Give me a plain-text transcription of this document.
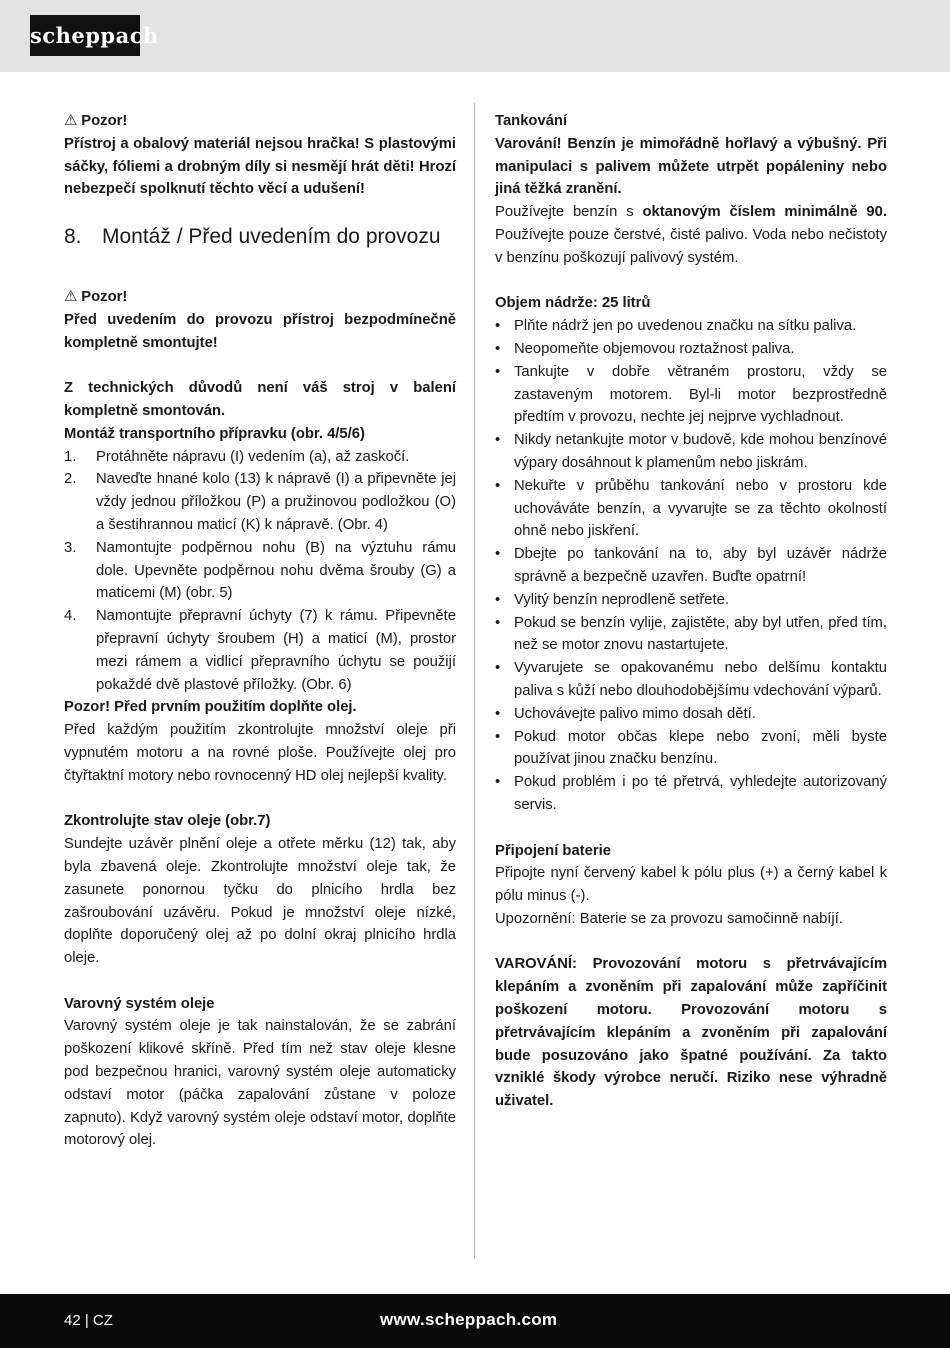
scheppach

⚠ Pozor!

Přístroj a obalový materiál nejsou hračka! S plastovými sáčky, fóliemi a drobným díly si nesmějí hrát děti! Hrozí nebezpečí spolknutí těchto věcí a udušení!

8. Montáž / Před uvedením do provozu

⚠ Pozor!

Před uvedením do provozu přístroj bezpodmínečně kompletně smontujte!

Z technických důvodů není váš stroj v balení kompletně smontován.

Montáž transportního přípravku (obr. 4/5/6)

1. Protáhněte nápravu (I) vedením (a), až zaskočí.
2. Naveďte hnané kolo (13) k nápravě (I) a připevněte jej vždy jednou příložkou (P) a pružinovou podložkou (O) a šestihrannou maticí (K) k nápravě. (Obr. 4)
3. Namontujte podpěrnou nohu (B) na výztuhu rámu dole. Upevněte podpěrnou nohu dvěma šrouby (G) a maticemi (M) (obr. 5)
4. Namontujte přepravní úchyty (7) k rámu. Připevněte přepravní úchyty šroubem (H) a maticí (M), prostor mezi rámem a vidlicí přepravního úchytu se použijí pokaždé dvě plastové příložky. (Obr. 6)

Pozor! Před prvním použitím doplňte olej.

Před každým použitím zkontrolujte množství oleje při vypnutém motoru a na rovné ploše. Používejte olej pro čtyřtaktní motory nebo rovnocenný HD olej nejlepší kvality.

Zkontrolujte stav oleje (obr.7)

Sundejte uzávěr plnění oleje a otřete měrku (12) tak, aby byla zbavená oleje. Zkontrolujte množství oleje tak, že zasunete ponornou tyčku do plnicího hrdla bez zašroubování uzávěru. Pokud je množství oleje nízké, doplňte doporučený olej až po dolní okraj plnicího hrdla oleje.

Varovný systém oleje

Varovný systém oleje je tak nainstalován, že se zabrání poškození klikové skříně. Před tím než stav oleje klesne pod bezpečnou hranici, varovný systém oleje automaticky odstaví motor (páčka zapalování zůstane v poloze zapnuto). Když varovný systém oleje odstaví motor, doplňte motorový olej.

Tankování

Varování! Benzín je mimořádně hořlavý a výbušný. Při manipulaci s palivem můžete utrpět popáleniny nebo jiná těžká zranění.

Používejte benzín s oktanovým číslem minimálně 90. Používejte pouze čerstvé, čisté palivo. Voda nebo nečistoty v benzínu poškozují palivový systém.

Objem nádrže: 25 litrů

• Plňte nádrž jen po uvedenou značku na sítku paliva.
• Neopomeňte objemovou roztažnost paliva.
• Tankujte v dobře větraném prostoru, vždy se zastaveným motorem. Byl-li motor bezprostředně předtím v provozu, nechte jej nejprve vychladnout.
• Nikdy netankujte motor v budově, kde mohou benzínové výpary dosáhnout k plamenům nebo jiskrám.
• Nekuřte v průběhu tankování nebo v prostoru kde uchováváte benzín, a vyvarujte se za těchto okolností ohně nebo jiskření.
• Dbejte po tankování na to, aby byl uzávěr nádrže správně a bezpečně uzavřen. Buďte opatrní!
• Vylitý benzín neprodleně setřete.
• Pokud se benzín vylije, zajistěte, aby byl utřen, před tím, než se motor znovu nastartujete.
• Vyvarujete se opakovanému nebo delšímu kontaktu paliva s kůží nebo dlouhodobějšímu vdechování výparů.
• Uchovávejte palivo mimo dosah dětí.
• Pokud motor občas klepe nebo zvoní, měli byste používat jinou značku benzínu.
• Pokud problém i po té přetrvá, vyhledejte autorizovaný servis.

Připojení baterie

Připojte nyní červený kabel k pólu plus (+) a černý kabel k pólu minus (-).

Upozornění: Baterie se za provozu samočinně nabíjí.

VAROVÁNÍ: Provozování motoru s přetrvávajícím klepáním a zvoněním při zapalování může zapříčinit poškození motoru. Provozování motoru s přetrvávajícím klepáním a zvoněním při zapalování bude posuzováno jako špatné používání. Za takto vzniklé škody výrobce neručí. Riziko nese výhradně uživatel.

42 | CZ	www.scheppach.com
